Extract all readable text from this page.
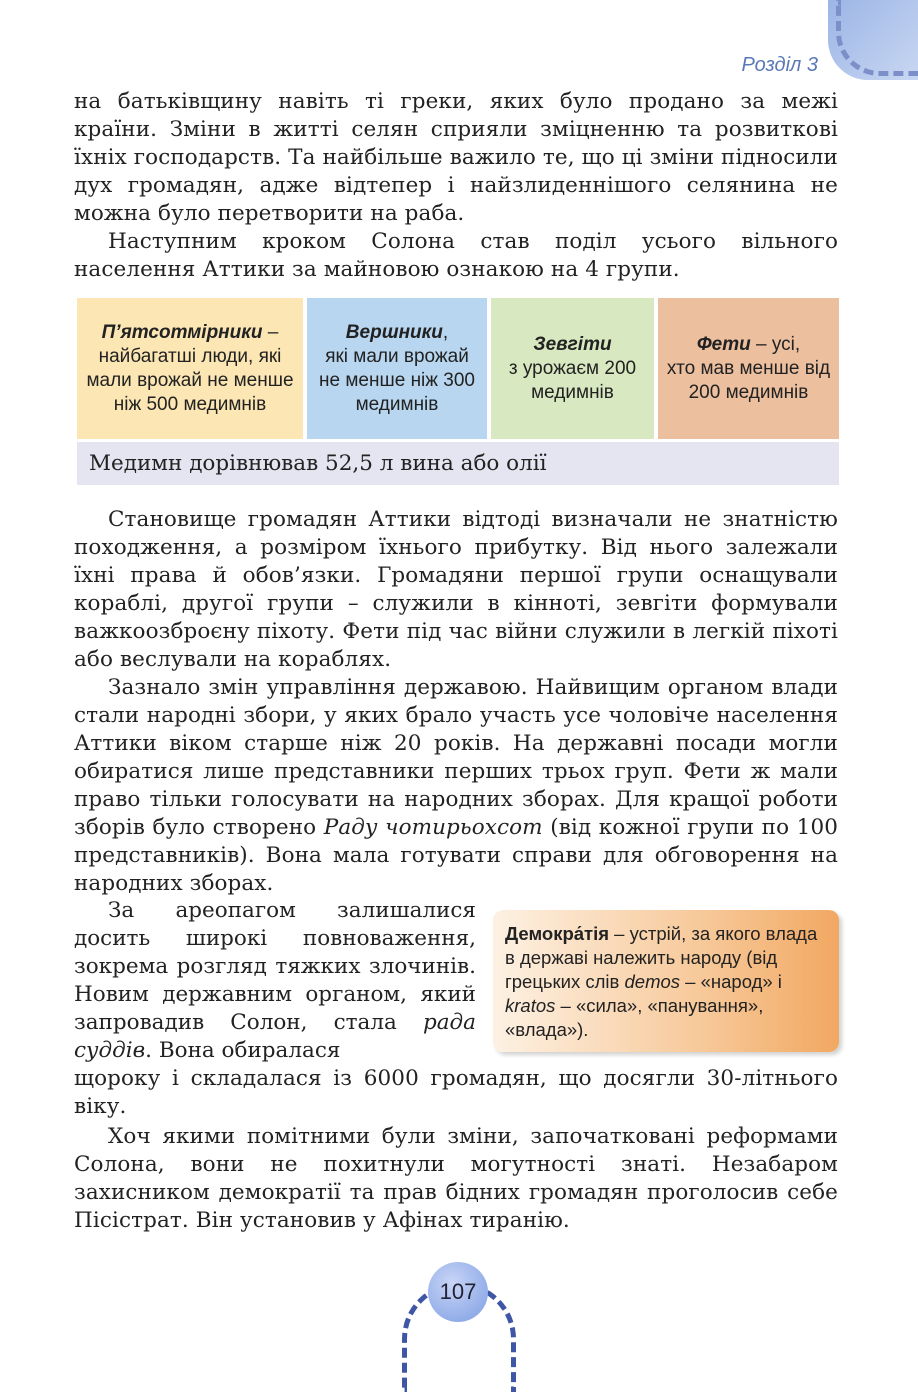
Розділ 3

на батьківщину навіть ті греки, яких було продано за межі країни. Зміни в житті селян сприяли зміцненню та розвиткові їхніх господарств. Та найбільше важило те, що ці зміни підносили дух громадян, адже відтепер і найзлиденнішого селянина не можна було перетворити на раба.

Наступним кроком Солона став поділ усього вільного населення Аттики за майновою ознакою на 4 групи.

П’ятсотмірники –
найбагатші люди, які мали врожай не менше ніж 500 медимнів
Вершники,
які мали врожай не менше ніж 300 медимнів
Зевгіти
з урожаєм 200 медимнів
Фети – усі,
хто мав менше від 200 медимнів
Медимн дорівнював 52,5 л вина або олії

Становище громадян Аттики відтоді визначали не знатністю походження, а розміром їхнього прибутку. Від нього залежали їхні права й обов’язки. Громадяни першої групи оснащували кораблі, другої групи – служили в кінноті, зевгіти формували важкоозброєну піхоту. Фети під час війни служили в легкій піхоті або веслували на кораблях.

Зазнало змін управління державою. Найвищим органом влади стали народні збори, у яких брало участь усе чоловіче населення Аттики віком старше ніж 20 років. На державні посади могли обиратися лише представники перших трьох груп. Фети ж мали право тільки голосувати на народних зборах. Для кращої роботи зборів було створено Раду чотирьохсот (від кожної групи по 100 представників). Вона мала готувати справи для обговорення на народних зборах.

За ареопагом залишалися досить широкі повноваження, зокрема розгляд тяжких злочинів. Новим державним органом, який запровадив Солон, стала рада суддів. Вона обиралася

Демокра́тія – устрій, за якого влада в державі належить народу (від грецьких слів demos – «народ» і kratos – «сила», «панування», «влада»).

щороку і складалася із 6000 громадян, що досягли 30-літнього віку.

Хоч якими помітними були зміни, започатковані реформами Солона, вони не похитнули могутності знаті. Незабаром захисником демократії та прав бідних громадян проголосив себе Пісістрат. Він установив у Афінах тиранію.

107
